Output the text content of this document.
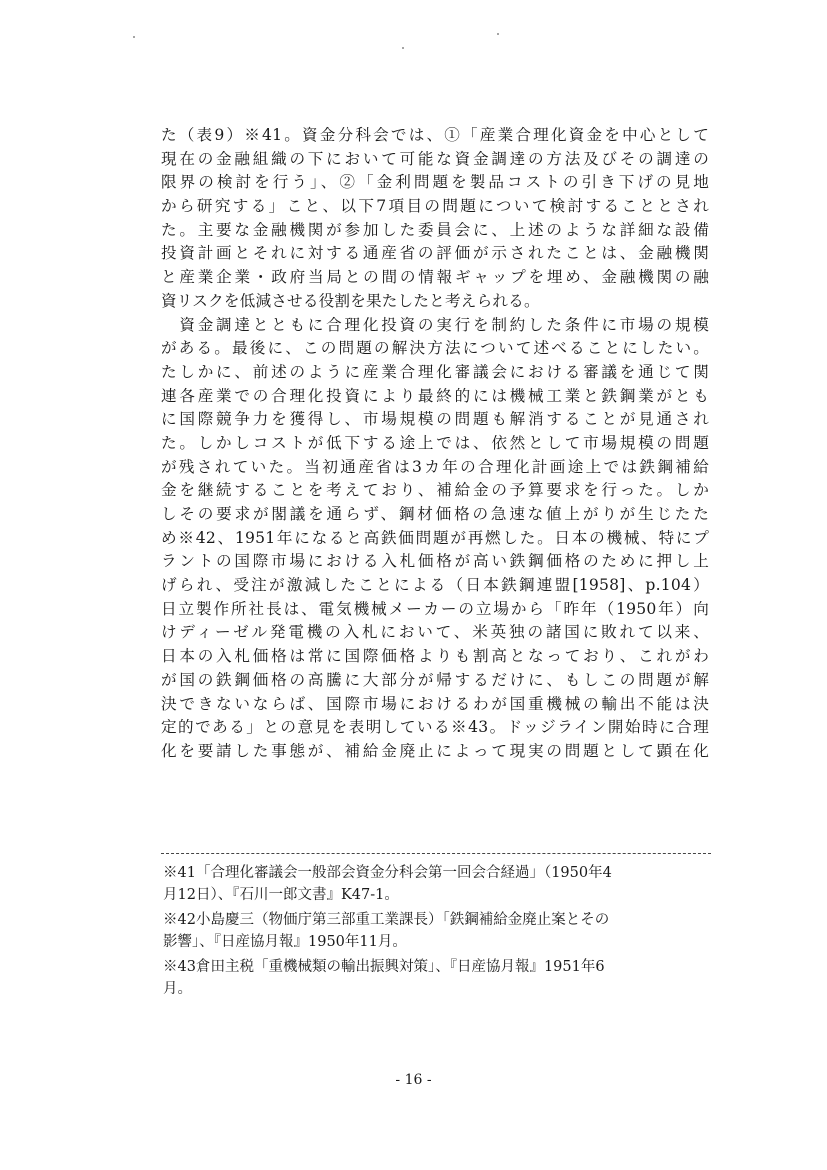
た（表9）※41。資金分科会では、①「産業合理化資金を中心として
現在の金融組織の下において可能な資金調達の方法及びその調達の
限界の検討を行う」、②「金利問題を製品コストの引き下げの見地
から研究する」こと、以下7項目の問題について検討することとされ
た。主要な金融機関が参加した委員会に、上述のような詳細な設備
投資計画とそれに対する通産省の評価が示されたことは、金融機関
と産業企業・政府当局との間の情報ギャップを埋め、金融機関の融
資リスクを低減させる役割を果たしたと考えられる。
　資金調達とともに合理化投資の実行を制約した条件に市場の規模
がある。最後に、この問題の解決方法について述べることにしたい。
たしかに、前述のように産業合理化審議会における審議を通じて関
連各産業での合理化投資により最終的には機械工業と鉄鋼業がとも
に国際競争力を獲得し、市場規模の問題も解消することが見通され
た。しかしコストが低下する途上では、依然として市場規模の問題
が残されていた。当初通産省は3カ年の合理化計画途上では鉄鋼補給
金を継続することを考えており、補給金の予算要求を行った。しか
しその要求が閣議を通らず、鋼材価格の急速な値上がりが生じたた
め※42、1951年になると高鉄価問題が再燃した。日本の機械、特にプ
ラントの国際市場における入札価格が高い鉄鋼価格のために押し上
げられ、受注が激減したことによる（日本鉄鋼連盟[1958]、p.104）
日立製作所社長は、電気機械メーカーの立場から「昨年（1950年）向
けディーゼル発電機の入札において、米英独の諸国に敗れて以来、
日本の入札価格は常に国際価格よりも割高となっており、これがわ
が国の鉄鋼価格の高騰に大部分が帰するだけに、もしこの問題が解
決できないならば、国際市場におけるわが国重機械の輸出不能は決
定的である」との意見を表明している※43。ドッジライン開始時に合理
化を要請した事態が、補給金廃止によって現実の問題として顕在化
※41「合理化審議会一般部会資金分科会第一回会合経過」（1950年4
月12日）、『石川一郎文書』K47-1。
※42小島慶三（物価庁第三部重工業課長）「鉄鋼補給金廃止案とその
影響」、『日産協月報』1950年11月。
※43倉田主税「重機械類の輸出振興対策」、『日産協月報』1951年6
月。
- 16 -
